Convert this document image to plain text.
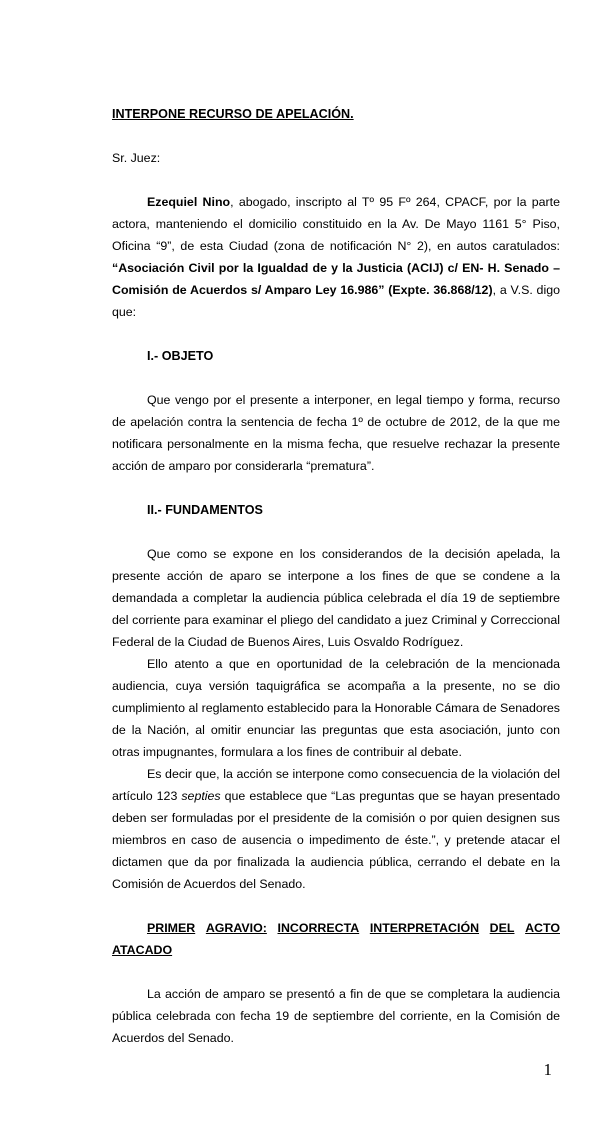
INTERPONE RECURSO DE APELACIÓN.
Sr. Juez:

Ezequiel Nino, abogado, inscripto al Tº 95 Fº 264, CPACF, por la parte actora, manteniendo el domicilio constituido en la Av. De Mayo 1161 5° Piso, Oficina “9”, de esta Ciudad (zona de notificación N° 2), en autos caratulados: “Asociación Civil por la Igualdad de y la Justicia (ACIJ) c/ EN- H. Senado – Comisión de Acuerdos s/ Amparo Ley 16.986” (Expte. 36.868/12), a V.S. digo que:

I.- OBJETO

Que vengo por el presente a interponer, en legal tiempo y forma, recurso de apelación contra la sentencia de fecha 1º de octubre de 2012, de la que me notificara personalmente en la misma fecha, que resuelve rechazar la presente acción de amparo por considerarla “prematura”.

II.- FUNDAMENTOS

Que como se expone en los considerandos de la decisión apelada, la presente acción de aparo se interpone a los fines de que se condene a la demandada a completar la audiencia pública celebrada el día 19 de septiembre del corriente para examinar el pliego del candidato a juez Criminal y Correccional Federal de la Ciudad de Buenos Aires, Luis Osvaldo Rodríguez.

Ello atento a que en oportunidad de la celebración de la mencionada audiencia, cuya versión taquigráfica se acompaña a la presente, no se dio cumplimiento al reglamento establecido para la Honorable Cámara de Senadores de la Nación, al omitir enunciar las preguntas que esta asociación, junto con otras impugnantes, formulara a los fines de contribuir al debate.

Es decir que, la acción se interpone como consecuencia de la violación del artículo 123 septies que establece que “Las preguntas que se hayan presentado deben ser formuladas por el presidente de la comisión o por quien designen sus miembros en caso de ausencia o impedimento de éste.”, y pretende atacar el dictamen que da por finalizada la audiencia pública, cerrando el debate en la Comisión de Acuerdos del Senado.

PRIMER AGRAVIO: INCORRECTA INTERPRETACIÓN DEL ACTO
ATACADO

La acción de amparo se presentó a fin de que se completara la audiencia pública celebrada con fecha 19 de septiembre del corriente, en la Comisión de Acuerdos del Senado.

1
